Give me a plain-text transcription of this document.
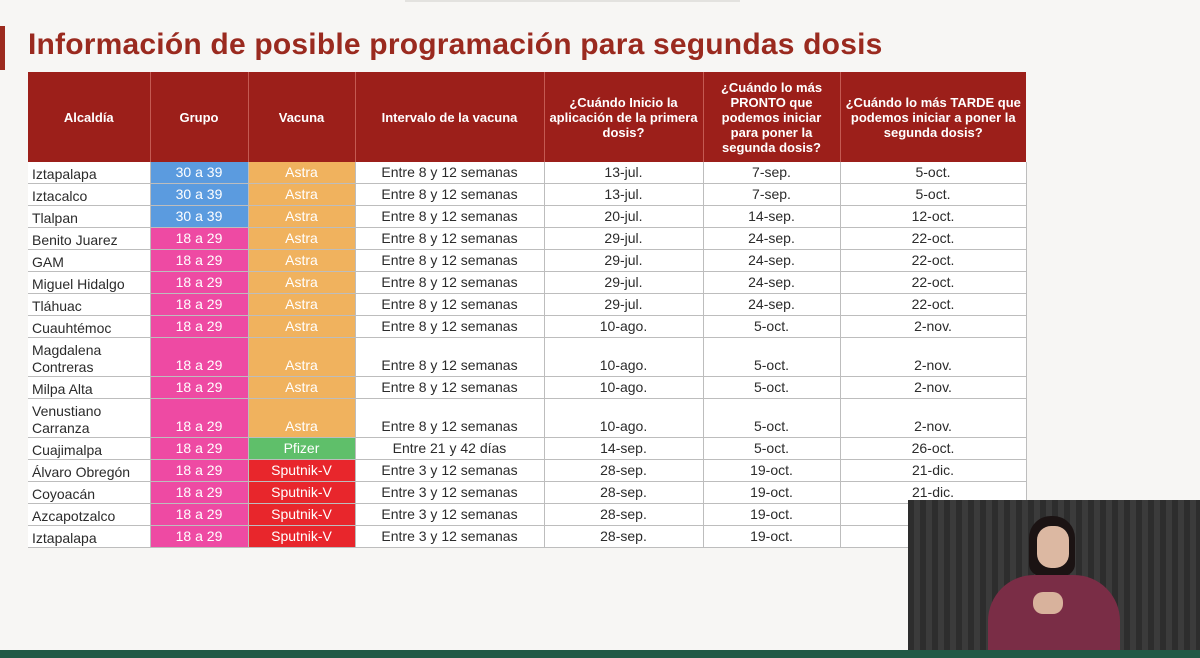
Información de posible programación para segundas dosis
Alcaldía	Grupo	Vacuna	Intervalo de la vacuna	¿Cuándo Inicio la aplicación de la primera dosis?	¿Cuándo lo más PRONTO que podemos iniciar para poner la segunda dosis?	¿Cuándo lo más TARDE que podemos iniciar a poner la segunda dosis?
Iztapalapa	30 a 39	Astra	Entre 8 y 12 semanas	13-jul.	7-sep.	5-oct.
Iztacalco	30 a 39	Astra	Entre 8 y 12 semanas	13-jul.	7-sep.	5-oct.
Tlalpan	30 a 39	Astra	Entre 8 y 12 semanas	20-jul.	14-sep.	12-oct.
Benito Juarez	18 a 29	Astra	Entre 8 y 12 semanas	29-jul.	24-sep.	22-oct.
GAM	18 a 29	Astra	Entre 8 y 12 semanas	29-jul.	24-sep.	22-oct.
Miguel Hidalgo	18 a 29	Astra	Entre 8 y 12 semanas	29-jul.	24-sep.	22-oct.
Tláhuac	18 a 29	Astra	Entre 8 y 12 semanas	29-jul.	24-sep.	22-oct.
Cuauhtémoc	18 a 29	Astra	Entre 8 y 12 semanas	10-ago.	5-oct.	2-nov.
Magdalena Contreras	18 a 29	Astra	Entre 8 y 12 semanas	10-ago.	5-oct.	2-nov.
Milpa Alta	18 a 29	Astra	Entre 8 y 12 semanas	10-ago.	5-oct.	2-nov.
Venustiano Carranza	18 a 29	Astra	Entre 8 y 12 semanas	10-ago.	5-oct.	2-nov.
Cuajimalpa	18 a 29	Pfizer	Entre 21 y 42 días	14-sep.	5-oct.	26-oct.
Álvaro Obregón	18 a 29	Sputnik-V	Entre 3 y 12 semanas	28-sep.	19-oct.	21-dic.
Coyoacán	18 a 29	Sputnik-V	Entre 3 y 12 semanas	28-sep.	19-oct.	21-dic.
Azcapotzalco	18 a 29	Sputnik-V	Entre 3 y 12 semanas	28-sep.	19-oct.	
Iztapalapa	18 a 29	Sputnik-V	Entre 3 y 12 semanas	28-sep.	19-oct.	
